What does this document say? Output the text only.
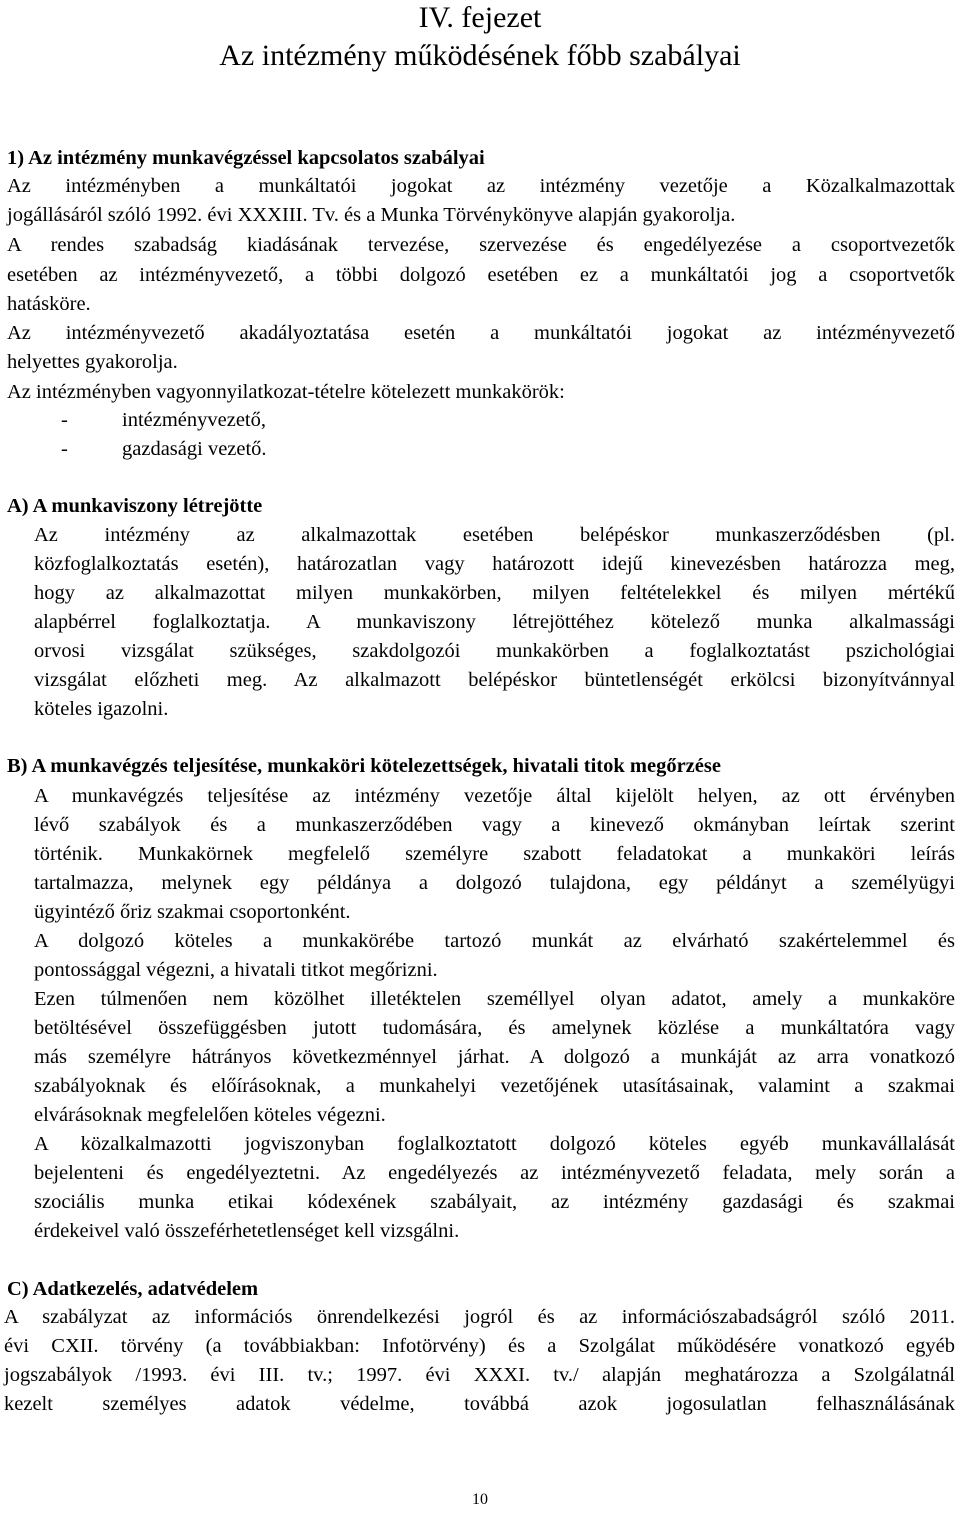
IV. fejezet
Az intézmény működésének főbb szabályai
1) Az intézmény munkavégzéssel kapcsolatos szabályai
Az intézményben a munkáltatói jogokat az intézmény vezetője a Közalkalmazottak
jogállásáról szóló 1992. évi XXXIII. Tv. és a Munka Törvénykönyve alapján gyakorolja.
A rendes szabadság kiadásának tervezése, szervezése és engedélyezése a csoportvezetők
esetében az intézményvezető, a többi dolgozó esetében ez a munkáltatói jog a csoportvetők
hatásköre.
Az intézményvezető akadályoztatása esetén a munkáltatói jogokat az intézményvezető
helyettes gyakorolja.
Az intézményben vagyonnyilatkozat-tételre kötelezett munkakörök:
-	intézményvezető,
-	gazdasági vezető.
A) A munkaviszony létrejötte
Az intézmény az alkalmazottak esetében belépéskor munkaszerződésben (pl.
közfoglalkoztatás esetén), határozatlan vagy határozott idejű kinevezésben határozza meg,
hogy az alkalmazottat milyen munkakörben, milyen feltételekkel és milyen mértékű
alapbérrel foglalkoztatja. A munkaviszony létrejöttéhez kötelező munka alkalmassági
orvosi vizsgálat szükséges, szakdolgozói munkakörben a foglalkoztatást pszichológiai
vizsgálat előzheti meg. Az alkalmazott belépéskor büntetlenségét erkölcsi bizonyítvánnyal
köteles igazolni.
B) A munkavégzés teljesítése, munkaköri kötelezettségek, hivatali titok megőrzése
A munkavégzés teljesítése az intézmény vezetője által kijelölt helyen, az ott érvényben
lévő szabályok és a munkaszerződében vagy a kinevező okmányban leírtak szerint
történik. Munkakörnek megfelelő személyre szabott feladatokat a munkaköri leírás
tartalmazza, melynek egy példánya a dolgozó tulajdona, egy példányt a személyügyi
ügyintéző őriz szakmai csoportonként.
A dolgozó köteles a munkakörébe tartozó munkát az elvárható szakértelemmel és
pontossággal végezni, a hivatali titkot megőrizni.
Ezen túlmenően nem közölhet illetéktelen személlyel olyan adatot, amely a munkaköre
betöltésével összefüggésben jutott tudomására, és amelynek közlése a munkáltatóra vagy
más személyre hátrányos következménnyel járhat. A dolgozó a munkáját az arra vonatkozó
szabályoknak és előírásoknak, a munkahelyi vezetőjének utasításainak, valamint a szakmai
elvárásoknak megfelelően köteles végezni.
A közalkalmazotti jogviszonyban foglalkoztatott dolgozó köteles egyéb munkavállalását
bejelenteni és engedélyeztetni. Az engedélyezés az intézményvezető feladata, mely során a
szociális munka etikai kódexének szabályait, az intézmény gazdasági és szakmai
érdekeivel való összeférhetetlenséget kell vizsgálni.
C) Adatkezelés, adatvédelem
A szabályzat az információs önrendelkezési jogról és az információszabadságról szóló 2011.
évi CXII. törvény (a továbbiakban: Infotörvény) és a Szolgálat működésére vonatkozó egyéb
jogszabályok /1993. évi III. tv.; 1997. évi XXXI. tv./ alapján meghatározza a Szolgálatnál
kezelt személyes adatok védelme, továbbá azok jogosulatlan felhasználásának
10
